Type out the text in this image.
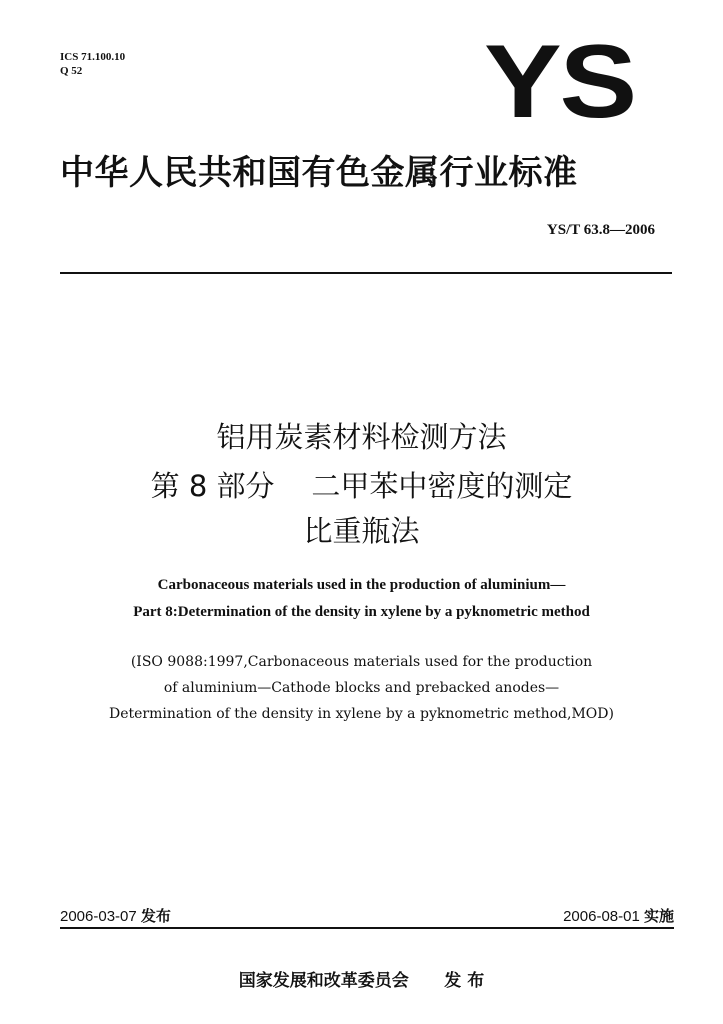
ICS 71.100.10
Q 52	YS
中华人民共和国有色金属行业标准
YS/T 63.8—2006
铝用炭素材料检测方法
第 8 部分 二甲苯中密度的测定
比重瓶法
Carbonaceous materials used in the production of aluminium—
Part 8:Determination of the density in xylene by a pyknometric method
(ISO 9088:1997,Carbonaceous materials used for the production
of aluminium—Cathode blocks and prebacked anodes—
Determination of the density in xylene by a pyknometric method,MOD)
2006-03-07 发布	2006-08-01 实施
国家发展和改革委员会 发 布
